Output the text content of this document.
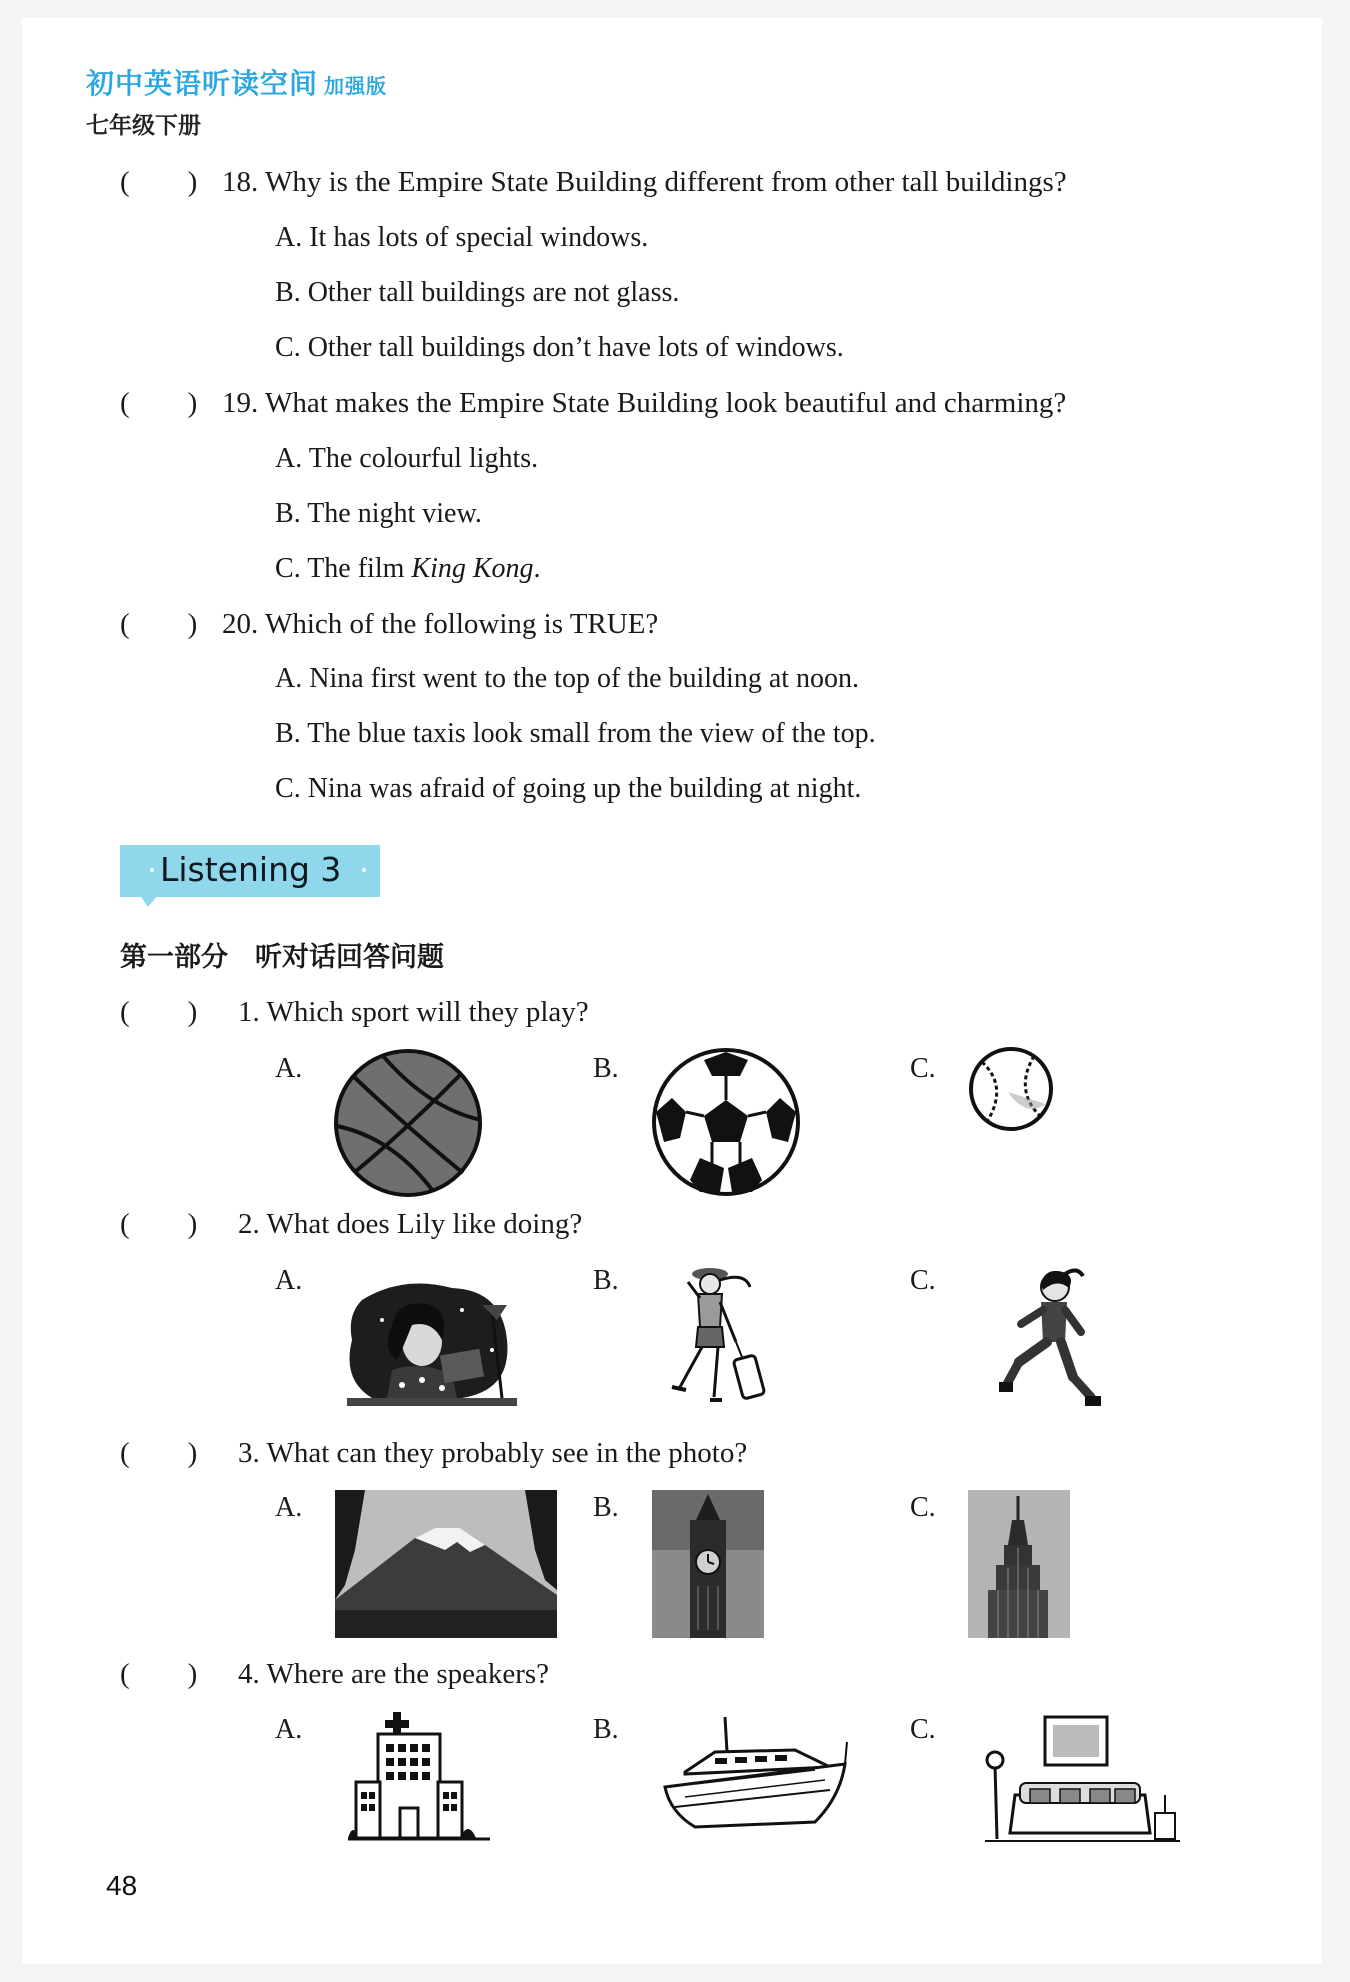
初中英语听读空间 加强版
七年级下册
(        ) 18. Why is the Empire State Building different from other tall buildings?
A. It has lots of special windows.
B. Other tall buildings are not glass.
C. Other tall buildings don’t have lots of windows.
(        ) 19. What makes the Empire State Building look beautiful and charming?
A. The colourful lights.
B. The night view.
C. The film King Kong.
(        ) 20. Which of the following is TRUE?
A. Nina first went to the top of the building at noon.
B. The blue taxis look small from the view of the top.
C. Nina was afraid of going up the building at night.
Listening 3
第一部分　听对话回答问题
(        ) 1. Which sport will they play?
A.	B.	C.
(        ) 2. What does Lily like doing?
A.	B.	C.
(        ) 3. What can they probably see in the photo?
A.	B.	C.
(        ) 4. Where are the speakers?
A.	B.	C.
48
